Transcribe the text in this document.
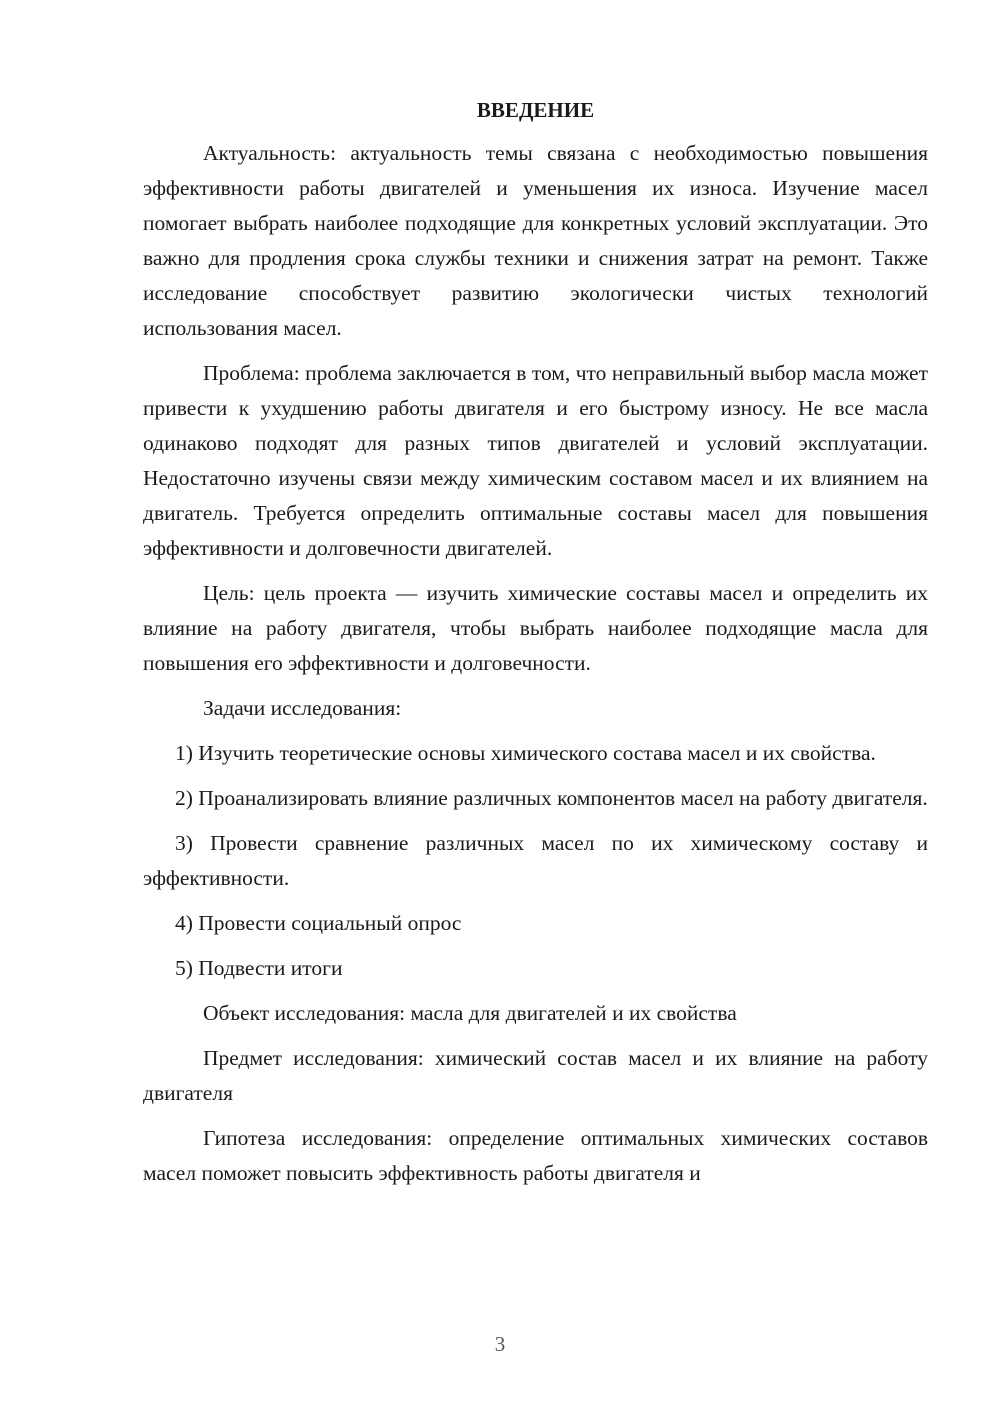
ВВЕДЕНИЕ

Актуальность: актуальность темы связана с необходимостью повышения эффективности работы двигателей и уменьшения их износа. Изучение масел помогает выбрать наиболее подходящие для конкретных условий эксплуатации. Это важно для продления срока службы техники и снижения затрат на ремонт. Также исследование способствует развитию экологически чистых технологий использования масел.

Проблема: проблема заключается в том, что неправильный выбор масла может привести к ухудшению работы двигателя и его быстрому износу. Не все масла одинаково подходят для разных типов двигателей и условий эксплуатации. Недостаточно изучены связи между химическим составом масел и их влиянием на двигатель. Требуется определить оптимальные составы масел для повышения эффективности и долговечности двигателей.

Цель: цель проекта — изучить химические составы масел и определить их влияние на работу двигателя, чтобы выбрать наиболее подходящие масла для повышения его эффективности и долговечности.

Задачи исследования:

1) Изучить теоретические основы химического состава масел и их свойства.

2) Проанализировать влияние различных компонентов масел на работу двигателя.

3) Провести сравнение различных масел по их химическому составу и эффективности.

4) Провести социальный опрос

5) Подвести итоги

Объект исследования: масла для двигателей и их свойства

Предмет исследования: химический состав масел и их влияние на работу двигателя

Гипотеза исследования: определение оптимальных химических составов масел поможет повысить эффективность работы двигателя и

3
